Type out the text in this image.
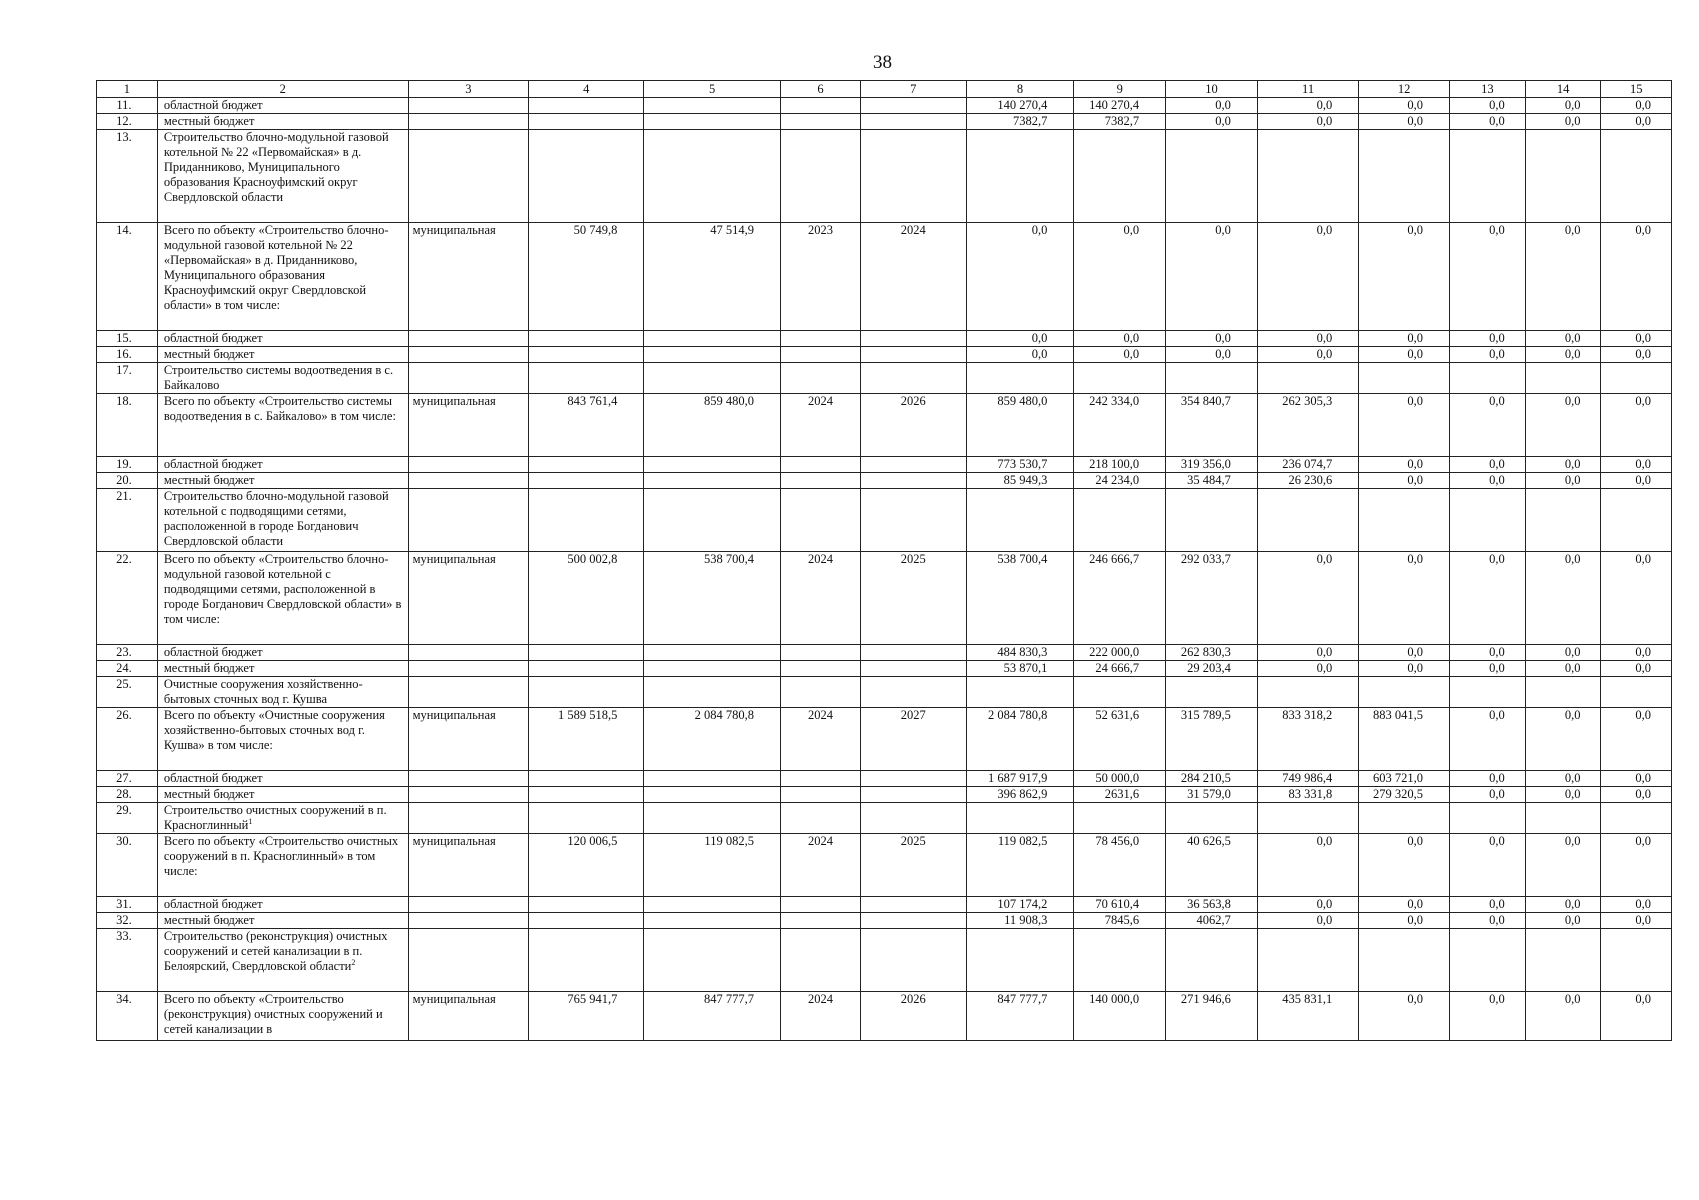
38
1	2	3	4	5	6	7	8	9	10	11	12	13	14	15
11.	областной бюджет						140 270,4	140 270,4	0,0	0,0	0,0	0,0	0,0	0,0
12.	местный бюджет						7382,7	7382,7	0,0	0,0	0,0	0,0	0,0	0,0
13.	Строительство блочно-модульной газовой котельной № 22 «Первомайская» в д. Приданниково, Муниципального образования Красноуфимский округ Свердловской области													
14.	Всего по объекту «Строительство блочно-модульной газовой котельной № 22 «Первомайская» в д. Приданниково, Муниципального образования Красноуфимский округ Свердловской области» в том числе:	муниципальная	50 749,8	47 514,9	2023	2024	0,0	0,0	0,0	0,0	0,0	0,0	0,0	0,0
15.	областной бюджет						0,0	0,0	0,0	0,0	0,0	0,0	0,0	0,0
16.	местный бюджет						0,0	0,0	0,0	0,0	0,0	0,0	0,0	0,0
17.	Строительство системы водоотведения в с. Байкалово													
18.	Всего по объекту «Строительство системы водоотведения в с. Байкалово» в том числе:	муниципальная	843 761,4	859 480,0	2024	2026	859 480,0	242 334,0	354 840,7	262 305,3	0,0	0,0	0,0	0,0
19.	областной бюджет						773 530,7	218 100,0	319 356,0	236 074,7	0,0	0,0	0,0	0,0
20.	местный бюджет						85 949,3	24 234,0	35 484,7	26 230,6	0,0	0,0	0,0	0,0
21.	Строительство блочно-модульной газовой котельной с подводящими сетями, расположенной в городе Богданович Свердловской области													
22.	Всего по объекту «Строительство блочно-модульной газовой котельной с подводящими сетями, расположенной в городе Богданович Свердловской области» в том числе:	муниципальная	500 002,8	538 700,4	2024	2025	538 700,4	246 666,7	292 033,7	0,0	0,0	0,0	0,0	0,0
23.	областной бюджет						484 830,3	222 000,0	262 830,3	0,0	0,0	0,0	0,0	0,0
24.	местный бюджет						53 870,1	24 666,7	29 203,4	0,0	0,0	0,0	0,0	0,0
25.	Очистные сооружения хозяйственно-бытовых сточных вод г. Кушва													
26.	Всего по объекту «Очистные сооружения хозяйственно-бытовых сточных вод г. Кушва» в том числе:	муниципальная	1 589 518,5	2 084 780,8	2024	2027	2 084 780,8	52 631,6	315 789,5	833 318,2	883 041,5	0,0	0,0	0,0
27.	областной бюджет						1 687 917,9	50 000,0	284 210,5	749 986,4	603 721,0	0,0	0,0	0,0
28.	местный бюджет						396 862,9	2631,6	31 579,0	83 331,8	279 320,5	0,0	0,0	0,0
29.	Строительство очистных сооружений в п. Красноглинный$^1$													
30.	Всего по объекту «Строительство очистных сооружений в п. Красноглинный» в том числе:	муниципальная	120 006,5	119 082,5	2024	2025	119 082,5	78 456,0	40 626,5	0,0	0,0	0,0	0,0	0,0
31.	областной бюджет						107 174,2	70 610,4	36 563,8	0,0	0,0	0,0	0,0	0,0
32.	местный бюджет						11 908,3	7845,6	4062,7	0,0	0,0	0,0	0,0	0,0
33.	Строительство (реконструкция) очистных сооружений и сетей канализации в п. Белоярский, Свердловской области$^2$													
34.	Всего по объекту «Строительство (реконструкция) очистных сооружений и сетей канализации в	муниципальная	765 941,7	847 777,7	2024	2026	847 777,7	140 000,0	271 946,6	435 831,1	0,0	0,0	0,0	0,0
